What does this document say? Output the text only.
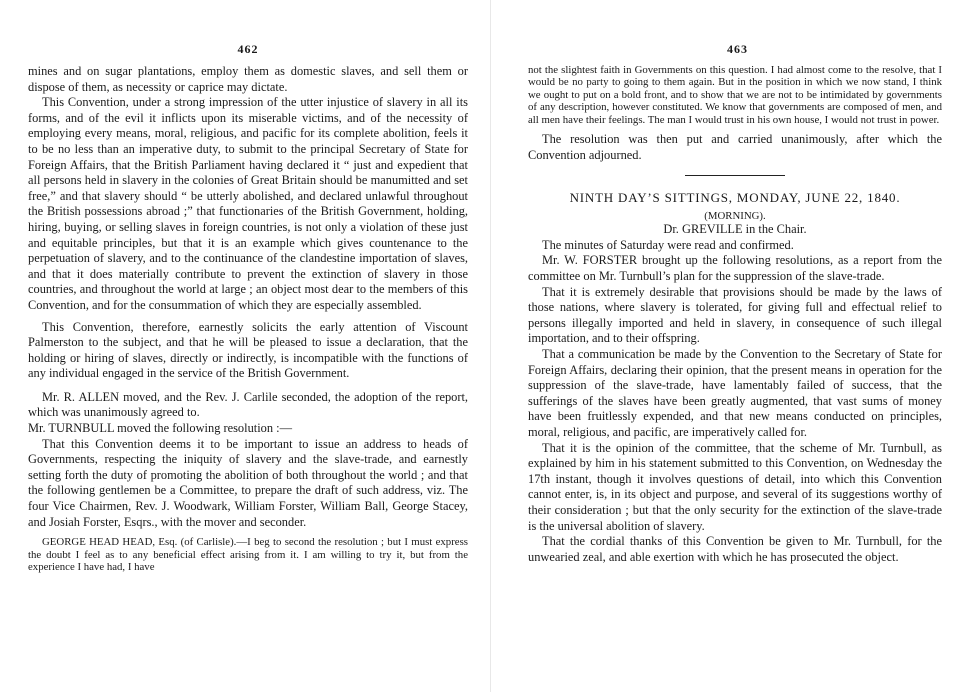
462

mines and on sugar plantations, employ them as domestic slaves, and sell them or dispose of them, as necessity or caprice may dictate.

This Convention, under a strong impression of the utter injustice of slavery in all its forms, and of the evil it inflicts upon its miserable victims, and of the necessity of employing every means, moral, religious, and pacific for its complete abolition, feels it to be no less than an imperative duty, to submit to the principal Secretary of State for Foreign Affairs, that the British Parliament having declared it “ just and expedient that all persons held in slavery in the colonies of Great Britain should be manumitted and set free,” and that slavery should “ be utterly abolished, and declared unlawful throughout the British possessions abroad ;” that functionaries of the British Government, holding, hiring, buying, or selling slaves in foreign countries, is not only a violation of these just and equitable principles, but that it is an example which gives countenance to the perpetuation of slavery, and to the continuance of the clandestine importation of slaves, and that it does materially contribute to prevent the extinction of slavery in those countries, and throughout the world at large ; an object most dear to the members of this Convention, and for the consummation of which they are especially assembled.

This Convention, therefore, earnestly solicits the early attention of Viscount Palmerston to the subject, and that he will be pleased to issue a declaration, that the holding or hiring of slaves, directly or indirectly, is incompatible with the functions of any individual engaged in the service of the British Government.

Mr. R. ALLEN moved, and the Rev. J. Carlile seconded, the adoption of the report, which was unanimously agreed to.

Mr. TURNBULL moved the following resolution :—

That this Convention deems it to be important to issue an address to heads of Governments, respecting the iniquity of slavery and the slave-trade, and earnestly setting forth the duty of promoting the abolition of both throughout the world ; and that the following gentlemen be a Committee, to prepare the draft of such address, viz. The four Vice Chairmen, Rev. J. Woodwark, William Forster, William Ball, George Stacey, and Josiah Forster, Esqrs., with the mover and seconder.

GEORGE HEAD HEAD, Esq. (of Carlisle).—I beg to second the resolution ; but I must express the doubt I feel as to any beneficial effect arising from it. I am willing to try it, but from the experience I have had, I have

463

not the slightest faith in Governments on this question. I had almost come to the resolve, that I would be no party to going to them again. But in the position in which we now stand, I think we ought to put on a bold front, and to show that we are not to be intimidated by governments of any description, however constituted. We know that governments are composed of men, and all men have their feelings. The man I would trust in his own house, I would not trust in power.

The resolution was then put and carried unanimously, after which the Convention adjourned.

NINTH DAY’S SITTINGS, MONDAY, JUNE 22, 1840.
(MORNING).
Dr. GREVILLE in the Chair.

The minutes of Saturday were read and confirmed.

Mr. W. FORSTER brought up the following resolutions, as a report from the committee on Mr. Turnbull’s plan for the suppression of the slave-trade.

That it is extremely desirable that provisions should be made by the laws of those nations, where slavery is tolerated, for giving full and effectual relief to persons illegally imported and held in slavery, in consequence of such illegal importation, and to their offspring.

That a communication be made by the Convention to the Secretary of State for Foreign Affairs, declaring their opinion, that the present means in operation for the suppression of the slave-trade, have lamentably failed of success, that the sufferings of the slaves have been greatly augmented, that vast sums of money have been fruitlessly expended, and that new means conducted on principles, moral, religious, and pacific, are imperatively called for.

That it is the opinion of the committee, that the scheme of Mr. Turnbull, as explained by him in his statement submitted to this Convention, on Wednesday the 17th instant, though it involves questions of detail, into which this Convention cannot enter, is, in its object and purpose, and several of its suggestions worthy of their consideration ; but that the only security for the extinction of the slave-trade is the universal abolition of slavery.

That the cordial thanks of this Convention be given to Mr. Turnbull, for the unwearied zeal, and able exertion with which he has prosecuted the object.
